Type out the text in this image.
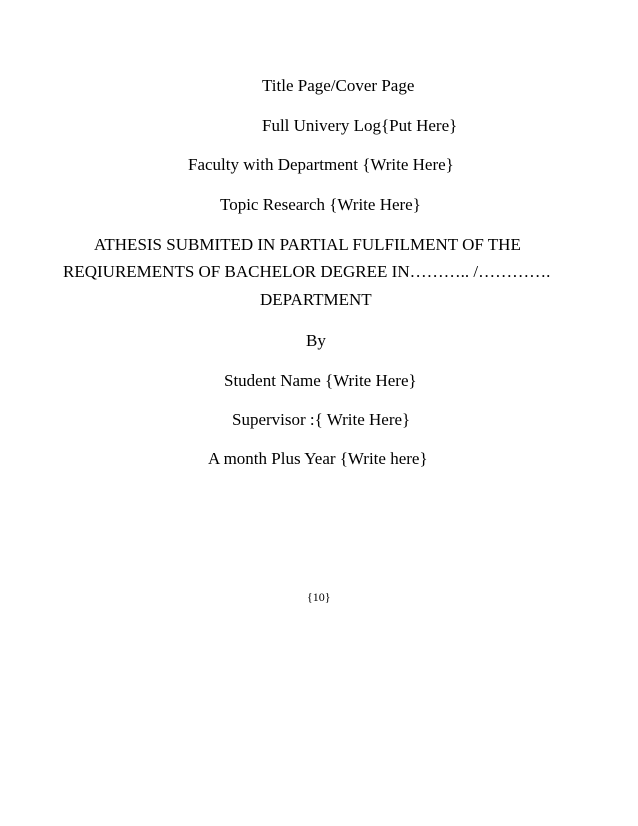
Title Page/Cover Page
Full Univery Log{Put Here}
Faculty with Department {Write Here}
Topic Research {Write Here}
ATHESIS SUBMITED IN PARTIAL FULFILMENT OF THE
REQIUREMENTS OF BACHELOR DEGREE IN……….. /………….
DEPARTMENT
By
Student Name {Write Here}
Supervisor :{ Write Here}
A month Plus Year {Write here}
{10}
